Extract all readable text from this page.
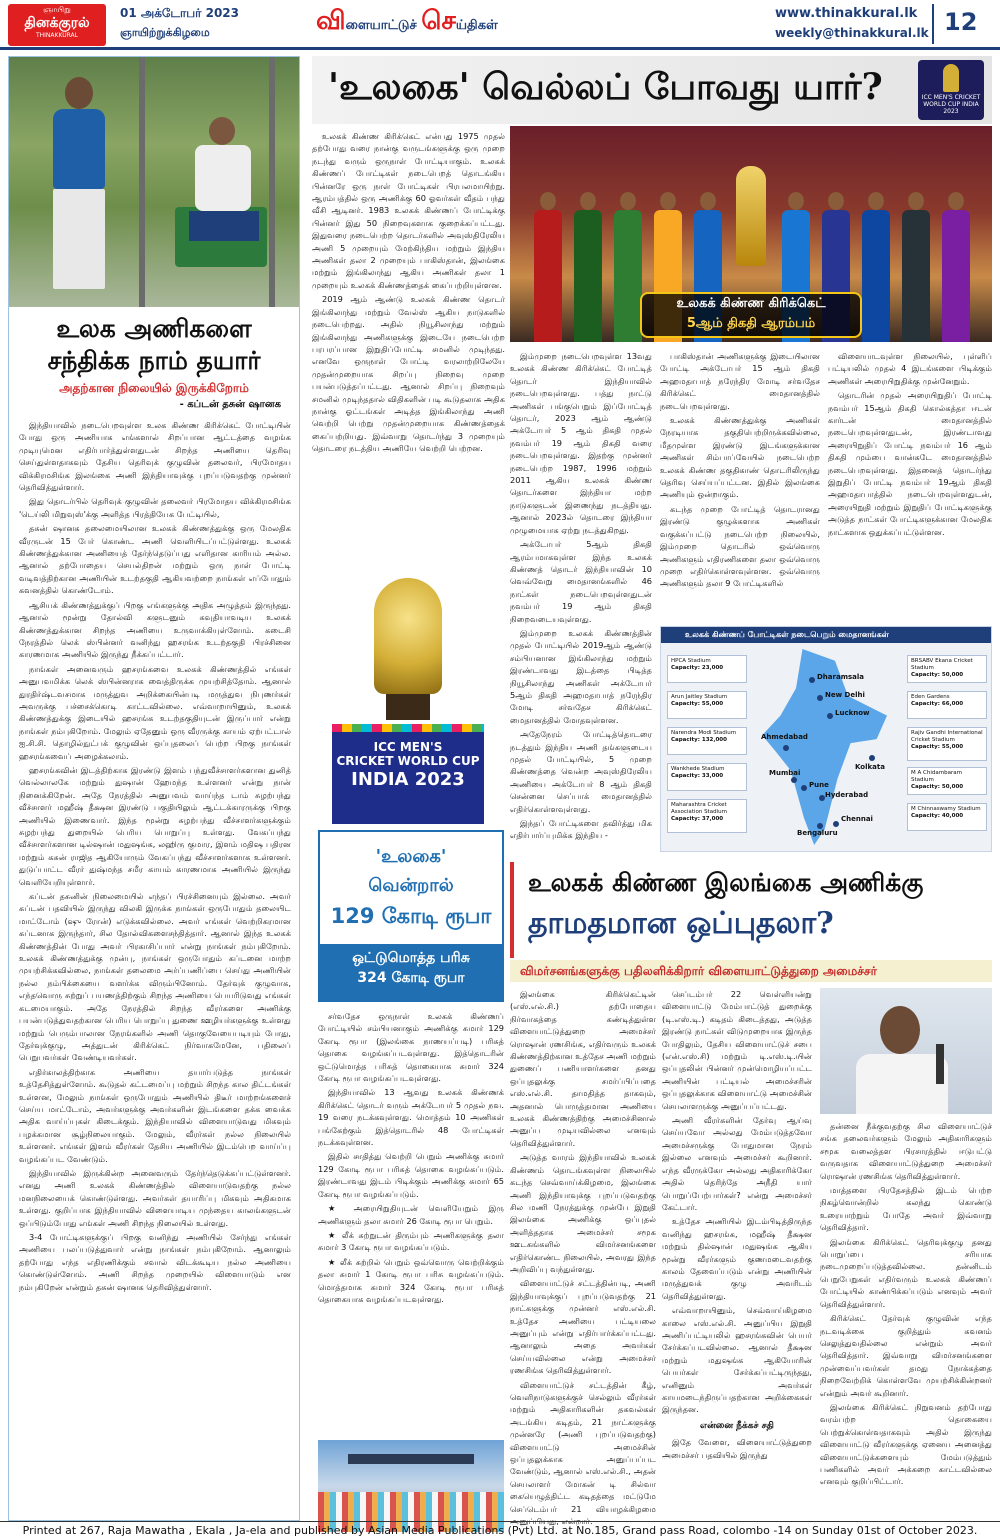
ஞாயிறு
தினக்குரல்
THINAKKURAL
01 அக்டோபர் 2023
ஞாயிற்றுக்கிழமை	விளையாட்டுச் செய்திகள்
www.thinakkural.lk
weekly@thinakkural.lk 12
உலக அணிகளை
சந்திக்க நாம் தயார்
அதற்கான நிலையில் இருக்கிறோம்
- கப்டன் தசுன் ஷானக

இந்தியாவில் நடைபெறவுள்ள உலக கிண்ண கிரிக்கெட் போட்டியின் போது ஒரு அணியாக எங்களால் சிறப்பான ஆட்டத்தை வழங்க முடியுமென எதிர்பார்த்துள்ளதுடன் சிறந்த அணியை தெரிவு செய்துள்ளதாகவும் தேசிய தெரிவுக் குழுவின் தலைவர், பிரமோதய விக்கிரமசிங்க இலங்கை அணி இந்தியாவுக்கு புறப்படுவதற்கு முன்னர் தெரிவித்துள்ளார்.

இது தொடர்பில் தெரிவுக் குழுவின் தலைவர் பிரமோதய விக்கிரமசிங்க 'டெய்லி மிறுவுஸ்'க்கு அளித்த பிரத்தியேக பேட்டியில்,

தசுன் ஷானக தலைமையிலான உலகக் கிண்ணத்துக்கு ஒரு மேலதிக வீரருடன் 15 பேர் கொண்ட அணி வெளியிடப்பட்டுள்ளது. உலகக் கிண்ணத்துக்கான அணியைத் தேர்ந்தெடுப்பது எளிதான காரியம் அல்ல. ஆனால் தற்போதைய செயல்திறன் மற்றும் ஒரு நாள் போட்டி வடிவத்திற்கான அணியின் உடற்தகுதி ஆகியவற்றை நாங்கள் எப்போதும் கவனத்தில் கொண்டோம்.

ஆசியக் கிண்ணத்துக்குப் பிறகு எங்களுக்கு அதிக அழுத்தம் இருந்தது. ஆனால் மூன்று தோல்வி களுடனும் கவுதியாவடிய உலகக் கிண்ணத்துக்கான சிறந்த அணியை உருவாக்கியுள்ளோம். கடைசி நேரத்தில் லெக் ஸ்பின்னர் வனிந்து ஹசரங்க உடற்தகுதி பிரச்சினை காரணமாக அணியில் இருந்து நீக்கப்பட்டார்.

நாங்கள் அனைவரும் ஹசரங்கவை உலகக் கிண்ணத்தில் எங்கள் அனுபவமிக்க லெக் ஸ்பின்னராக வைத்திருக்க முயற்சித்தோம். ஆனால் துரதிர்ஷ்டவசமாக மருத்துவ அறிக்கையின்படி மருத்துவ நிபுணர்கள் அவருக்கு பச்சைக்கொடி காட்டவில்லை. எவ்வாறாயினும், உலகக் கிண்ணத்துக்கு இடையில் ஹசரங்க உடற்தகுதியுடன் இருப்பார் என்று நாங்கள் நம்புகிறோம். மேலும் ஏதேனும் ஒரு வீரருக்கு காயம் ஏற்பட்டால் ஐ.சி.சி. தொழில்நுட்பக் குழுவின் ஒப்புதலைப் பெற்ற பிறகு நாங்கள் ஹசரங்கவைப் அழைக்கலாம்.

ஹசரங்கவின் இடத்திற்காக இரண்டு இளம் பந்துவீச்சாளர்களான துனித் வெல்லாலகே மற்றும் துஷான் ஹேமந்த உள்ளனர் என்று நான் நினைக்கிறேன். அதே நேரத்தில் அனுபவம் வாய்ந்த டாம் சுழற்பந்து வீச்சாளர் மஹீஷ் தீக்ஷன இரண்டு பகுதியிலும் ஆட்டக்காரருக்கு பிறகு அணியில் இணைவார். இந்த மூன்று சுழற்பந்து வீச்சாளர்களுக்கும் சுழற்பந்து துறையில் பெரிய பொறுப்பு உள்ளது. வேகப்பந்து வீச்சாளர்களான டில்ஷான் மதுஷங்க, லஹிரு குமார, இளம் மதிஷ பதிரன மற்றும் கசுன் ராஜித ஆகியோரும் வேகப்பந்து வீச்சாளர்களாக உள்ளனர். துடுப்பாட்ட வீரர் துஷ்மந்த சமீர காயம் காரணமாக அணியில் இருந்து வெளியேறியுள்ளார்.

கப்டன் தசுனின் நிலைமையில் எந்தப் பிரச்சினையும் இல்லை. அவர் கப்டன் பதவியில் இருந்து விலகி இருக்க நாங்கள் ஒருபோதும் தலையிட மாட்டோம் (ஷு ரோன்) எடுக்கவில்லை. அவர் எங்கள் வெற்றிகரமான கப்டனாக இருந்தார், சில தோல்விகளைசந்தித்தார். ஆனால் இந்த உலகக் கிண்ணத்தின் போது அவர் பிரகாசிப்பார் என்று நாங்கள் நம்புகிறோம். உலகக் கிண்ணத்துக்கு முன்பு, நாங்கள் ஒருபோதும் கப்டனை மாற்ற முயற்சிக்கவில்லை, நாங்கள் தலைமை அர்ப்பணிப்பை செய்து அணியின் நல்ல நம்பிக்கையை வளர்க்க விரும்பினோம். தேர்வுக் குழுவாக, எந்தவொரு சுற்றுப் பயணத்திற்கும் சிறந்த அணியை பெயரிடுவது எங்கள் கடமையாகும். அதே நேரத்தில் சிறந்த வீரர்களை அணிக்கு பயன்படுத்துவதற்கான பெரிய பொறுப்பு துணை ஊழியர்களுக்கு உள்ளது மற்றும் பெரும்பாலான நேரங்களில் அணி தொகுவேயைபடியும் போது, தேர்வுக்குழு, அத்துடன் கிரிக்கெட் நிர்வாகமேனே, பதிலைப் பெறுபவர்கள் வேண்டியவர்கள்.

எதிர்காலத்திற்காக அணியை தயார்படுத்த நாங்கள் உத்தேசித்துள்ளோம். கூடுதல் கட்டமைப்பு மற்றும் சிறந்த கால திட்டங்கள் உள்ளன, மேலும் நாங்கள் ஒருபோதும் அணியில் திடீர் மாற்றங்களைச் செய்ய மாட்டோம், அவர்களுக்கு அவர்களின் இடங்களை தக்க வைக்க அதிக வாய்ப்புகள் கிடைக்கும். இந்தியாவில் விளையாடுவது மிகவும் பழக்கமான சூழ்நிலையாகும். மேலும், வீரர்கள் நல்ல நிலையில் உள்ளனர். எங்கள் இளம் வீரர்கள் தேசிய அணியில் இடம்பெற வாய்ப்பு வழங்கப்பட வேண்டும்.

இந்தியாவில் இருக்கின்ற அனைவரும் தேர்ந்தெடுக்கப்பட்டுள்ளனர். எனது அணி உலகக் கிண்ணத்தில் விளையாடுவதற்கு நல்ல மனநிலையைக் கொண்டுள்ளது. அவர்கள் தயாரிப்பு மிகவும் அதிகமாக உள்ளது. குறிப்பாக இந்தியாவில் விளையாடிய முந்தைய காலங்களுடன் ஒப்பிடும்போது எங்கள் அணி சிறந்த நிலையில் உள்ளது.

3-4 போட்டிகளுக்குப் பிறகு வனிந்து அணியில் சேர்ந்து எங்கள் அணியை பலப்படுத்துவார் என்று நாங்கள் நம்புகிறோம். ஆனாலும் தற்போது எந்த எதிரணிக்கும் சவால் விடக்கூடிய நல்ல அணியை கொண்டுள்ளோம். அணி சிறந்த முறையில் விளையாடும் என நம்புகிறேன் என்றும் தசுன் ஷானக தெரிவித்துள்ளார்.

'உலகை' வெல்லப் போவது யார்?	ICC MEN'S CRICKET WORLD CUP INDIA 2023
உலகக் கிண்ண கிரிக்கெட்
5ஆம் திகதி ஆரம்பம்

உலகக் கிண்ண கிரிக்கெட் என்பது 1975 முதல் தற்போது வரை நான்கு வருடங்களுக்கு ஒரு முறை நடந்து வரும் ஒருநாள் போட்டியாகும். உலகக் கிண்ணப் போட்டிகள் நடைபெறத் தொடங்கிய பின்னரே ஒரு நாள் போட்டிகள் பிரபலமாயிற்று. ஆரம்பத்தில் ஒரு அணிக்கு 60 ஓவர்கள் வீதம் பந்து வீசி ஆடினர். 1983 உலகக் கிண்ணப் போட்டிக்கு பின்னர் இது 50 நிறைவுகளாக குறைக்கப்பட்டது. இதுவரை நடைபெற்ற தொடர்களில் அவுஸ்திரேலிய அணி 5 முறையும் மேற்கிந்திய மற்றும் இந்திய அணிகள் தலா 2 முறையும் பாகிஸ்தான், இலங்கை மற்றும் இங்கிலாந்து ஆகிய அணிகள் தலா 1 முறையும் உலகக் கிண்ணத்தைக் கைப்பற்றியுள்ளன.

2019 ஆம் ஆண்டு உலகக் கிண்ண தொடர் இங்கிலாந்து மற்றும் வேல்ஸ் ஆகிய நாடுகளில் நடைபெற்றது. அதில் நியூசிலாந்து மற்றும் இங்கிலாந்து அணிகளுக்கு இடையே நடைபெற்ற பரபரப்பான இறுதிப்போட்டி சமனில் முடிந்தது. எனவே ஒருநாள் போட்டி வரலாற்றிலேயே முதன்முறையாக சிறப்பு நிறைவு முறை பயன்படுத்தப்பட்டது. ஆனால் சிறப்பு நிறைவும் சமனில் முடிந்ததால் விதிகளின் படி கூடுதலாக அதிக நான்கு ஓட்டங்கள் அடித்த இங்கிலாந்து அணி வெற்றி பெற்று முதன்முறையாக கிண்ணத்தைக் கைப்பற்றியது. இவ்வாறு தொடர்ந்து 3 முறையும் தொடரை நடத்திய அணியே வெற்றி பெற்றன.

ICC MEN'S
CRICKET WORLD CUP
INDIA 2023
'உலகை'
வென்றால்
129 கோடி ரூபா
ஒட்டுமொத்த பரிசு
324 கோடி ரூபா

சர்வதேச ஒருநாள் உலகக் கிண்ணப் போட்டியில் சம்பியனாகும் அணிக்கு சுமார் 129 கோடி ரூபா (இலங்கை நாணயப்படி) பரிசுத் தொகை வழங்கப்படவுள்ளது. இத்தொடரின் ஒட்டுமொத்த பரிசுத் தொகையாக சுமார் 324 கோடி ரூபா வழங்கப்படவுள்ளது.

இந்தியாவில் 13 ஆவது உலகக் கிண்ணக் கிரிக்கெட் தொடர் வரும் அக்டோபர் 5 முதல் நவ. 19 வரை நடக்கவுள்ளது. மொத்தம் 10 அணிகள் பங்கேற்கும் இத்தொடரில் 48 போட்டிகள் நடக்கவுள்ளன.

இதில் சாதித்து வெற்றி பெறும் அணிக்கு சுமார் 129 கோடி ரூபா பரிசுத் தொகை வழங்கப்படும். இரண்டாவது இடம் பிடிக்கும் அணிக்கு சுமார் 65 கோடி ரூபா வழங்கப்படும்.

★ அரையிறுதியுடன் வெளியேறும் இரு அணிகளும் தலா சுமார் 26 கோடி ரூபா பெறும்.

★ லீக் சுற்றுடன் திரும்பும் அணிகளுக்கு தலா சுமார் 3 கோடி ரூபா வழங்கப்படும்.

★ லீக் சுற்றில் பெறும் ஒவ்வொரு வெற்றிக்கும் தலா சுமார் 1 கோடி ரூபா பரிசு வழங்கப்படும். மொத்தமாக சுமார் 324 கோடி ரூபா பரிசுத் தொகையாக வழங்கப்படவுள்ளது.

இம்முறை நடைபெறவுள்ள 13வது உலகக் கிண்ண கிரிக்கெட் போட்டித் தொடர் இந்தியாவில் நடைபெறவுள்ளது. பத்து நாட்டு அணிகள் பங்குபெறும் இப்போட்டித் தொடர், 2023 ஆம் ஆண்டு அக்டோபர் 5 ஆம் திகதி முதல் நவம்பர் 19 ஆம் திகதி வரை நடைபெறவுள்ளது. இதற்கு முன்னர் நடைபெற்ற 1987, 1996 மற்றும் 2011 ஆகிய உலகக் கிண்ண தொடர்களை இந்தியா மற்ற நாடுகளுடன் இணைந்து நடத்தியது. ஆனால் 2023ல் தொடரை இந்தியா முழுமையாக ஏற்று நடத்துகிறது.

அக்டோபர் 5ஆம் திகதி ஆரம்பமாகவுள்ள இந்த உலகக் கிண்ணத் தொடர் இந்தியாவின் 10 வெவ்வேறு மைதானங்களில் 46 நாட்கள் நடைபெறவுள்ளதுடன் நவம்பர் 19 ஆம் திகதி நிறைவடையவுள்ளது.

இம்முறை உலகக் கிண்ணத்தின் முதல் போட்டியில் 2019ஆம் ஆண்டு சம்பியனான இங்கிலாந்து மற்றும் இரண்டாவது இடத்தை பிடித்த நியூசிலாந்து அணிகள் அக்டோபர் 5ஆம் திகதி அஹமதாபாத் நரேந்திர மோடி சர்வதேச கிரிக்கெட் மைதானத்தில் மோதவுள்ளன.

அதேநேரம் போட்டித்தொடரை நடத்தும் இந்திய அணி தங்களுடைய முதல் போட்டியில், 5 முறை கிண்ணத்தை வென்ற அவுஸ்திரேலிய அணியை அக்டோபர் 8 ஆம் திகதி சென்னை செப்பாக் மைதானத்தில் எதிர்கொள்ளவுள்ளது.

இந்தப் போட்டிகளை தவிர்த்து மிக எதிர்பார்ப்புமிக்க இந்திய -

பாகிஸ்தான் அணிகளுக்கு இடையிலான போட்டி அக்டோபர் 15 ஆம் திகதி அஹமதாபாத் நரேந்திர மோடி சர்வதேச கிரிக்கெட் மைதானத்தில் நடைபெறவுள்ளது.

உலகக் கிண்ணத்துக்கு அணிகள் நேரடியாக தகுதிபெற்றிருக்கவில்லை, மீதமுள்ள இரண்டு இடங்களுக்கான அணிகள் சிம்பாப்வேயில் நடைபெற்ற உலகக் கிண்ண தகுதிகாண் தொடரிலிருந்து தெரிவு செய்யப்பட்டன. இதில் இலங்கை அணியும் ஒன்றாகும்.

கடந்த முறை போட்டித் தொடரானது இரண்டு குழுக்களாக அணிகள் வகுக்கப்பட்டு நடைபெற்ற நிலையில், இம்முறை தொடரில் ஒவ்வொரு அணிகளும் எதிரணிகளை தலா ஒவ்வொரு முறை எதிர்கொள்ளவுள்ளன. ஒவ்வொரு அணிகளும் தலா 9 போட்டிகளில்

விளையாடவுள்ள நிலையில், புள்ளிப் பட்டியலில் முதல் 4 இடங்களை பிடிக்கும் அணிகள் அரையிறுதிக்கு முன்னேறும்.

தொடரின் முதல் அரையிறுதிப் போட்டி நவம்பர் 15ஆம் திகதி கொல்கத்தா ஈடன் கார்டன் மைதானத்தில் நடைபெறவுள்ளதுடன், இரண்டாவது அரையிறுதிப் போட்டி நவம்பர் 16 ஆம் திகதி மும்பை வான்கடே மைதானத்தில் நடைபெறவுள்ளது. இதனைத் தொடர்ந்து இறுதிப் போட்டி நவம்பர் 19ஆம் திகதி அஹமதாபாத்தில் நடைபெறவுள்ளதுடன், அரையிறுதி மற்றும் இறுதிப் போட்டிகளுக்கு அடுத்த நாட்கள் போட்டிகளுக்கான மேலதிக நாட்களாக ஒதுக்கப்பட்டுள்ளன.

உலகக் கிண்ணப் போட்டிகள் நடைபெறும் மைதானங்கள்
Dharamsala
New Delhi
Lucknow
Ahmedabad
Kolkata
Mumbai
Pune
Hyderabad
Bengaluru
Chennai
HPCA Stadium
Capacity: 23,000
Arun Jaitley Stadium
Capacity: 55,000
Narendra Modi Stadium
Capacity: 132,000
Wankhede Stadium
Capacity: 33,000
Maharashtra Cricket Association Stadium
Capacity: 37,000
BRSABV Ekana Cricket Stadium
Capacity: 50,000
Eden Gardens
Capacity: 66,000
Rajiv Gandhi International Cricket Stadium
Capacity: 55,000
M A Chidambaram Stadium
Capacity: 50,000
M Chinnaswamy Stadium
Capacity: 40,000
உலகக் கிண்ண இலங்கை அணிக்கு
தாமதமான ஒப்புதலா?
விமர்சனங்களுக்கு பதிலளிக்கிறார் விளையாட்டுத்துறை அமைச்சர்

இலங்கை கிரிக்கெட்டின் (எஸ்.எல்.சி.) தற்போதைய நிர்வாகத்தை கண்டித்துள்ள விளையாட்டுத்துறை அமைச்சர் ரொஷான் ரணசிங்க, எதிர்வரும் உலகக் கிண்ணத்திற்கான உத்தேச அணி மற்றும் துணைப் பணியாளர்களை தனது ஒப்புதலுக்கு சமர்ப்பிப்பதை எஸ்.எல்.சி. தாமதித்த தாகவும், அதனால் பொருத்தமான அணியை உலகக் கிண்ணத்திற்கு அமைச்சினால் அனுப்ப முடியவில்லை எனவும் தெரிவித்துள்ளார்.

அடுத்த வாரம் இந்தியாவில் உலகக் கிண்ணம் தொடங்கவுள்ள நிலையில் கடந்த செவ்வாய்க்கிழமை, இலங்கை அணி இந்தியாவுக்கு புறப்படுவதற்கு சில மணி நேரத்துக்கு முன்பே இறுதி இலங்கை அணிக்கு ஒப்புதல் அளித்ததாக அமைச்சர் சமூக ஊடகங்களில் விமர்சனங்களை எதிர்கொண்ட நிலையில், அவரது இந்த அறிவிப்பு வந்துள்ளது.

விளையாட்டுச் சட்டத்தின்படி, அணி இந்தியாவுக்குப் புறப்படுவதற்கு 21 நாட்களுக்கு முன்னர் எஸ்.எல்.சி. உத்தேச அணியை பட்டியலை அனுப்பும் என்று எதிர்பார்க்கப்பட்டது. ஆனாலும் அதை அவர்கள் செய்யவில்லை என்று அமைச்சர் ரணசிங்க தெரிவித்துள்ளார்.

விளையாட்டுச் சட்டத்தின் கீழ், வெளிநாடுகளுக்குச் செல்லும் வீரர்கள் மற்றும் அதிகாரிகளின் தகவல்கள் அடங்கிய கடிதம், 21 நாட்களுக்கு முன்னரே (அணி புறப்படுவதற்கு) விளையாட்டு அமைச்சின் ஒப்புதலுக்காக அனுப்பப்பட வேண்டும், ஆனால் எஸ்.எல்.சி., அதன் செயலாளர் மோகன் டி சில்வா கையெழுத்திட்ட கடிதத்தை மட்டுமே செப்டெம்பர் 21 வியாழக்கிழமை அனுப்பியது, என்றார்.

செப்டம்பர் 22 வெள்ளியன்று விளையாட்டு மேம்பாட்டுத் துறைக்கு (டி.எஸ்.டி.) கடிதம் கிடைத்தது, அடுத்த இரண்டு நாட்கள் விடுமுறையாக இருந்த போதிலும், தேசிய விளையாட்டுச் சபை (என்.எஸ்.சி) மற்றும் டி.எஸ்.டி.யின் ஒப்புதலின் பின்னர் முன்மொழியப்பட்ட அணியின் பட்டியல் அமைச்சரின் ஒப்புதலுக்காக விளையாட்டு அமைச்சின் செயலாளருக்கு அனுப்பப்பட்டது.

அணி வீரர்களின் தேர்வு ஆய்வு செய்யவோ அல்லது மேம்படுத்தவோ அமைச்சருக்கு போதுமான நேரம் இல்லை எனவும் அமைச்சர் கூறினார். எந்த வீரருக்கோ அல்லது அதிகாரிக்கோ அதில் தெரிந்தே அநீதி யார் பொறுப்பேற்பார்கள்? என்று அமைச்சர் கேட்டார்.

உத்தேச அணியில் இடம்பிடித்திருந்த வனிந்து ஹசரங்க, மஹீஷ் தீக்ஷன மற்றும் தில்ஷான் மதுஷங்க ஆகிய மூன்று வீரர்களும் குணமடைவதற்கு காலம் தேவைப்படும் என்று அணியின் மருத்துவக் குழு அவரிடம் தெரிவித்துள்ளது.

எவ்வாறாயினும், செவ்வாய்கிழமை காலை எஸ்.எல்.சி. அனுப்பிய இறுதி அணிப்பட்டியலில் ஹசரங்கவின் பெயர் சேர்க்கப்படவில்லை. ஆனால் தீக்ஷன மற்றும் மதுஷங்க ஆகியோரின் பெயர்கள் சேர்க்கப்பட்டிருந்தது, எனினும் அவர்கள் காயமடைந்திருப்பதற்கான அறிக்கைகள் இருந்தன.

என்னை நீக்கச் சதி

இதே வேளை, விளையாட்டுத்துறை அமைச்சர் பதவியில் இருந்து

தன்னை நீக்குவதற்கு சில விளையாட்டுச் சங்க தலைவர்களும் மேலும் அதிகாரிகளும் சமூக வலைத்தள பிரசாரத்தில் ஈடுபட்டு வருவதாக விளையாட்டுத்துறை அமைச்சர் ரொஷான் ரணசிங்க தெரிவித்துள்ளார்.

மாத்தளை பிரதேசத்தில் இடம் பெற்ற நிகழ்வொன்றில் கலந்து கொண்டு உரையாற்றும் போதே அவர் இவ்வாறு தெரிவித்தார்.

இலங்கை கிரிக்கெட் தெரிவுக்குழு தனது பொறுப்பை சரியாக நடைமுறைப்படுத்தவில்லை. தன்னிடம் பெறுபேறுகள் எதிர்வரும் உலகக் கிண்ணப் போட்டியில் காண்பிக்கப்படும் எனவும் அவர் தெரிவித்துள்ளார்.

கிரிக்கெட் தேர்வுக் குழுவின் எந்த நடவடிக்கை குறித்தும் கவனம் செலுத்துவதில்லை என்றும் அவர் தெரிவித்தார். இவ்வாறு விமர்சனங்களை முன்வைப்பவர்கள் தமது நோக்கத்தை நிறைவேற்றிக் கொள்ளவே முயற்சிக்கின்றனர் என்றும் அவர் கூறினார்.

இலங்கை கிரிக்கெட் நிறுவனம் தற்போது வரம்பற்ற தொகையை பெற்றுக்கொள்வதாகவும் அதில் இருந்து விளையாட்டு வீரர்களுக்கு ஏனைய அனைத்து விளையாட்டுக்களையும் மேம்படுத்தும் பணிகளில் அவர் அக்கறை காட்டவில்லை எனவும் குறிப்பிட்டார்.

Printed at 267, Raja Mawatha , Ekala , Ja-ela and published by Asian Media Publications (Pvt) Ltd. at No.185, Grand pass Road, colombo -14 on Sunday 01st of October 2023.
